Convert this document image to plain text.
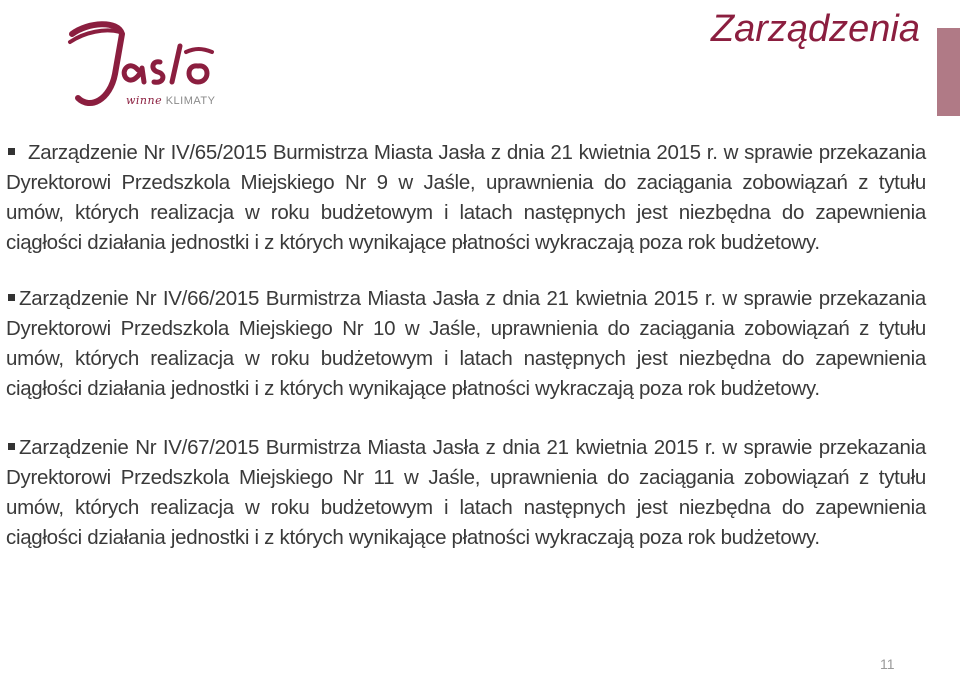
winne KLIMATY
Zarządzenia
Zarządzenie Nr IV/65/2015 Burmistrza Miasta Jasła z dnia 21 kwietnia 2015 r. w sprawie przekazania Dyrektorowi Przedszkola Miejskiego Nr 9 w Jaśle, uprawnienia do zaciągania zobowiązań z tytułu umów, których realizacja w roku budżetowym i latach następnych jest niezbędna do zapewnienia ciągłości działania jednostki i z których wynikające płatności wykraczają poza rok budżetowy.
Zarządzenie Nr IV/66/2015 Burmistrza Miasta Jasła z dnia 21 kwietnia 2015 r. w sprawie przekazania Dyrektorowi Przedszkola Miejskiego Nr 10 w Jaśle, uprawnienia do zaciągania zobowiązań z tytułu umów, których realizacja w roku budżetowym i latach następnych jest niezbędna do zapewnienia ciągłości działania jednostki i z których wynikające płatności wykraczają poza rok budżetowy.
Zarządzenie Nr IV/67/2015 Burmistrza Miasta Jasła z dnia 21 kwietnia 2015 r. w sprawie przekazania Dyrektorowi Przedszkola Miejskiego Nr 11 w Jaśle, uprawnienia do zaciągania zobowiązań z tytułu umów, których realizacja w roku budżetowym i latach następnych jest niezbędna do zapewnienia ciągłości działania jednostki i z których wynikające płatności wykraczają poza rok budżetowy.
11
